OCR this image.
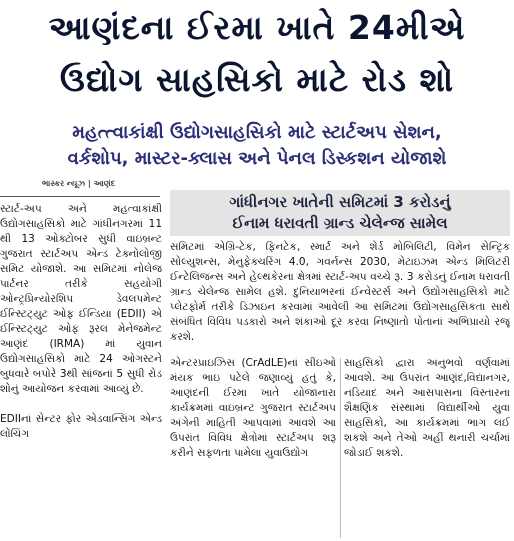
આણંદના ઈરમા ખાતે 24મીએ
ઉદ્યોગ સાહસિકો માટે રોડ શો
મહત્ત્વાકાંક્ષી ઉદ્યોગસાહસિકો માટે સ્ટાર્ટઅપ સેશન,
વર્કશોપ, માસ્ટર-ક્લાસ અને પેનલ ડિસ્કશન યોજાશે
ભાસ્કર ન્યૂઝ | આણંદ

સ્ટાર્ટ-અપ અને મહત્વાકાંક્ષી ઉદ્યોગસાહસિકો માટે ગાંધીનગરમાં 11 થી 13 ઓક્ટોબર સુધી વાઇબ્રન્ટ ગુજરાત સ્ટાર્ટઅપ એન્ડ ટેક્નોલોજી સમિટ યોજાશે. આ સમિટમાં નોલેજ પાર્ટનર તરીકે સહયોગી ઓન્ટ્રપ્રિન્યોરશિપ ડેવલપમેન્ટ ઈન્સ્ટિટ્યુટ ઓફ ઈન્ડિયા (EDII) એ ઈન્સ્ટિટ્યુટ ઓફ રૂરલ મેનેજમેન્ટ આણંદ (IRMA) માં યુવાન ઉદ્યોગસાહસિકો માટે 24 ઓગસ્ટને બુધવારે બપોરે 3થી સાંજનાં 5 સુધી રોડ શોનું આયોજન કરવામાં આવ્યું છે.

EDIIનાં સેન્ટર ફોર એડવાન્સિંગ એન્ડ લોંચિંગ

ગાંધીનગર ખાતેની સમિટમાં 3 કરોડનું
ઈનામ ધરાવતી ગ્રાન્ડ ચેલેન્જ સામેલ
સમિટમાં એગ્રિ-ટેક, ફિનટેક, સ્માર્ટ અને શેર્ડ મોબિલિટી, વિમેન સેન્ટ્રિક સોલ્યુશન્સ, મેનુફેક્ચરિંગ 4.0, ગવર્નન્સ 2030, મેટાઇઝમ એન્ડ મિલિટરી ઈન્ટેલિજન્સ અને હેલ્થકેરના ક્ષેત્રમાં સ્ટાર્ટ-અપ વચ્ચે રૂ. 3 કરોડનું ઈનામ ધરાવતી ગ્રાન્ડ ચેલેન્જ સામેલ હશે. દુનિયાભરનાં ઈન્વેસ્ટર્સ અને ઉદ્યોગસાહસિકો માટે પ્લેટફોર્મ તરીકે ડિઝાઇન કરવામાં આવેલી આ સમિટમાં ઉદ્યોગસાહસિકતા સાથે સંબંધિત વિવિધ પડકારો અને શંકાઓ દૂર કરવા નિષ્ણાતો પોતાનાં અભિપ્રાયો રજૂ કરશે.
એન્ટરપ્રાઇઝિસ (CrAdLE)નાં સીઇઓ મંયક ભાઇ પટેલે જણાવ્યું હતું કે, આણંદની ઈરમા ખાતે યોજાનારા કાર્યક્રમમાં વાઇબ્રન્ટ ગુજરાત સ્ટાર્ટઅપ અંગેની માહિતી આપવામાં આવશે આ ઉપરાંત વિવિધ ક્ષેત્રોમાં સ્ટાર્ટઅપ શરૂ કરીને સફળતા પામેલા યુવાઉદ્યોગ
સાહસિકો દ્વારા અનુભવો વર્ણવામાં આવશે. આ ઉપરાંત આણંદ,વિદ્યાનગર, નડિયાદ અને આસપાસના વિસ્તારના શૈક્ષણિક સંસ્થામાં વિદ્યાર્થીઓ યુવા સાહસિકો, આ કાર્યક્રમમાં ભાગ લઈ શકશે અને તેઓ અહીં થનારી ચર્ચામાં જોડાઈ શકશે.
